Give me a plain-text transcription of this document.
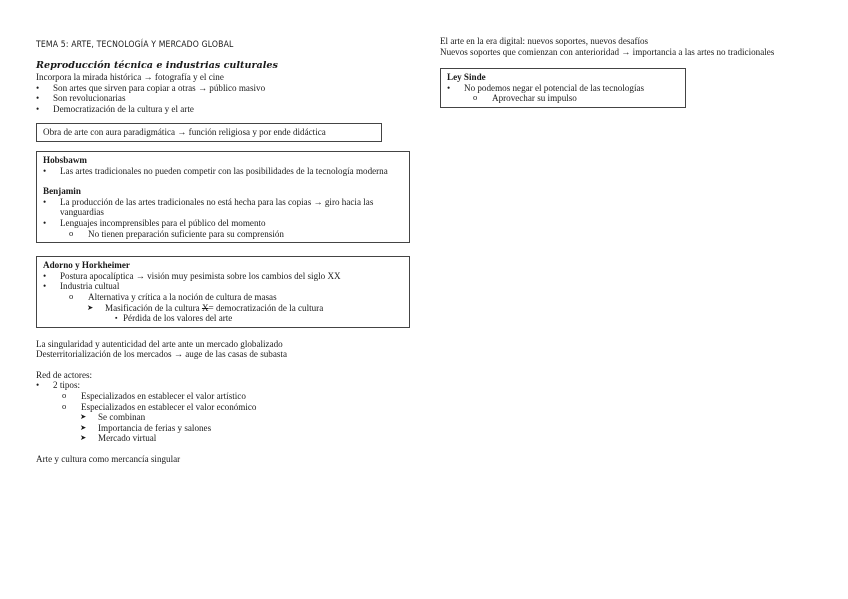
TEMA 5: ARTE, TECNOLOGÍA Y MERCADO GLOBAL
Reproducción técnica e industrias culturales

Incorpora la mirada histórica → fotografía y el cine

• Son artes que sirven para copiar a otras → público masivo

• Son revolucionarias

• Democratización de la cultura y el arte

Obra de arte con aura paradigmática → función religiosa y por ende didáctica

Hobsbawm

• Las artes tradicionales no pueden competir con las posibilidades de la tecnología moderna

Benjamin

• La producción de las artes tradicionales no está hecha para las copias → giro hacia las vanguardias

• Lenguajes incomprensibles para el público del momento

o No tienen preparación suficiente para su comprensión

Adorno y Horkheimer

• Postura apocalíptica → visión muy pesimista sobre los cambios del siglo XX

• Industria cultual

o Alternativa y crítica a la noción de cultura de masas

➤ Masificación de la cultura X= democratización de la cultura

▪ Pérdida de los valores del arte

La singularidad y autenticidad del arte ante un mercado globalizado

Desterritorialización de los mercados → auge de las casas de subasta

Red de actores:

• 2 tipos:

o Especializados en establecer el valor artístico

o Especializados en establecer el valor económico

➤ Se combinan

➤ Importancia de ferias y salones

➤ Mercado virtual

Arte y cultura como mercancía singular

El arte en la era digital: nuevos soportes, nuevos desafíos

Nuevos soportes que comienzan con anterioridad → importancia a las artes no tradicionales

Ley Sinde

• No podemos negar el potencial de las tecnologías

o Aprovechar su impulso
